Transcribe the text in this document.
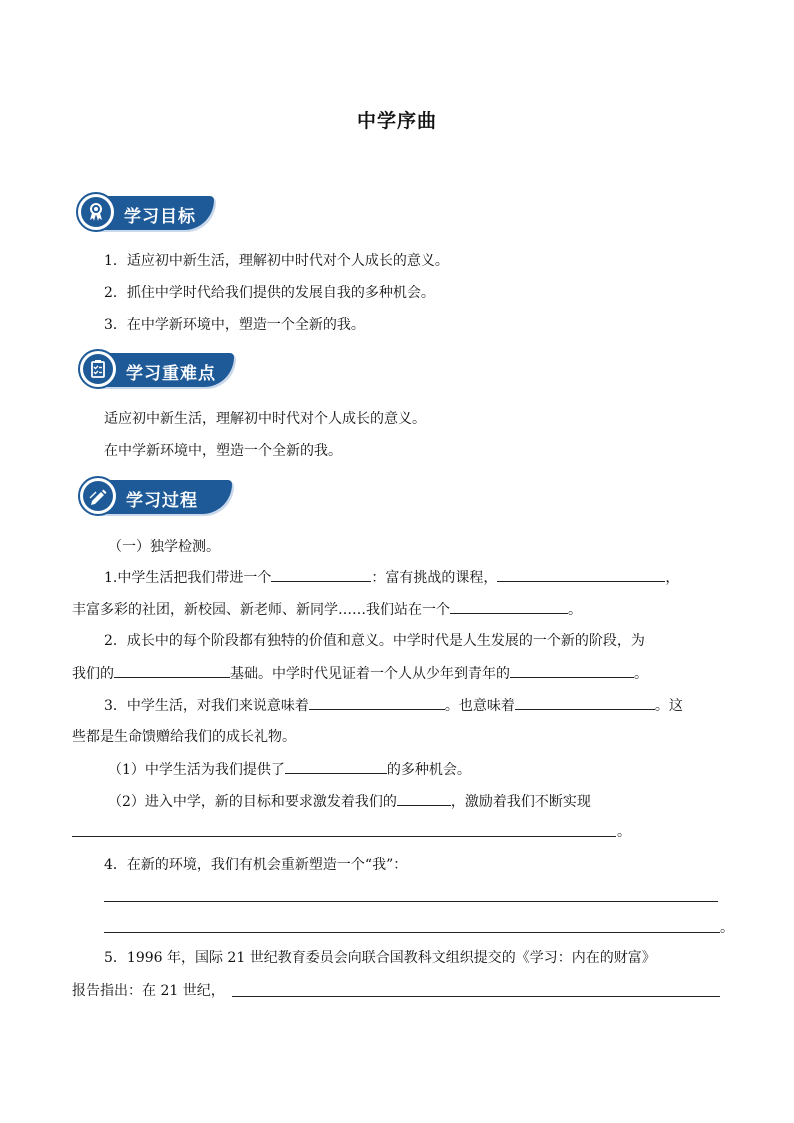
中学序曲
学习目标
1．适应初中新生活，理解初中时代对个人成长的意义。
2．抓住中学时代给我们提供的发展自我的多种机会。
3．在中学新环境中，塑造一个全新的我。
学习重难点
适应初中新生活，理解初中时代对个人成长的意义。
在中学新环境中，塑造一个全新的我。
学习过程
（一）独学检测。
1.中学生活把我们带进一个	：富有挑战的课程，	，
丰富多彩的社团，新校园、新老师、新同学……我们站在一个	。
2．成长中的每个阶段都有独特的价值和意义。中学时代是人生发展的一个新的阶段，为
我们的	基础。中学时代见证着一个人从少年到青年的	。
3．中学生活，对我们来说意味着	。也意味着	。这
些都是生命馈赠给我们的成长礼物。
（1）中学生活为我们提供了	的多种机会。
（2）进入中学，新的目标和要求激发着我们的	，激励着我们不断实现
。
4．在新的环境，我们有机会重新塑造一个“我”：
。
5．1996 年，国际 21 世纪教育委员会向联合国教科文组织提交的《学习：内在的财富》
报告指出：在 21 世纪，
